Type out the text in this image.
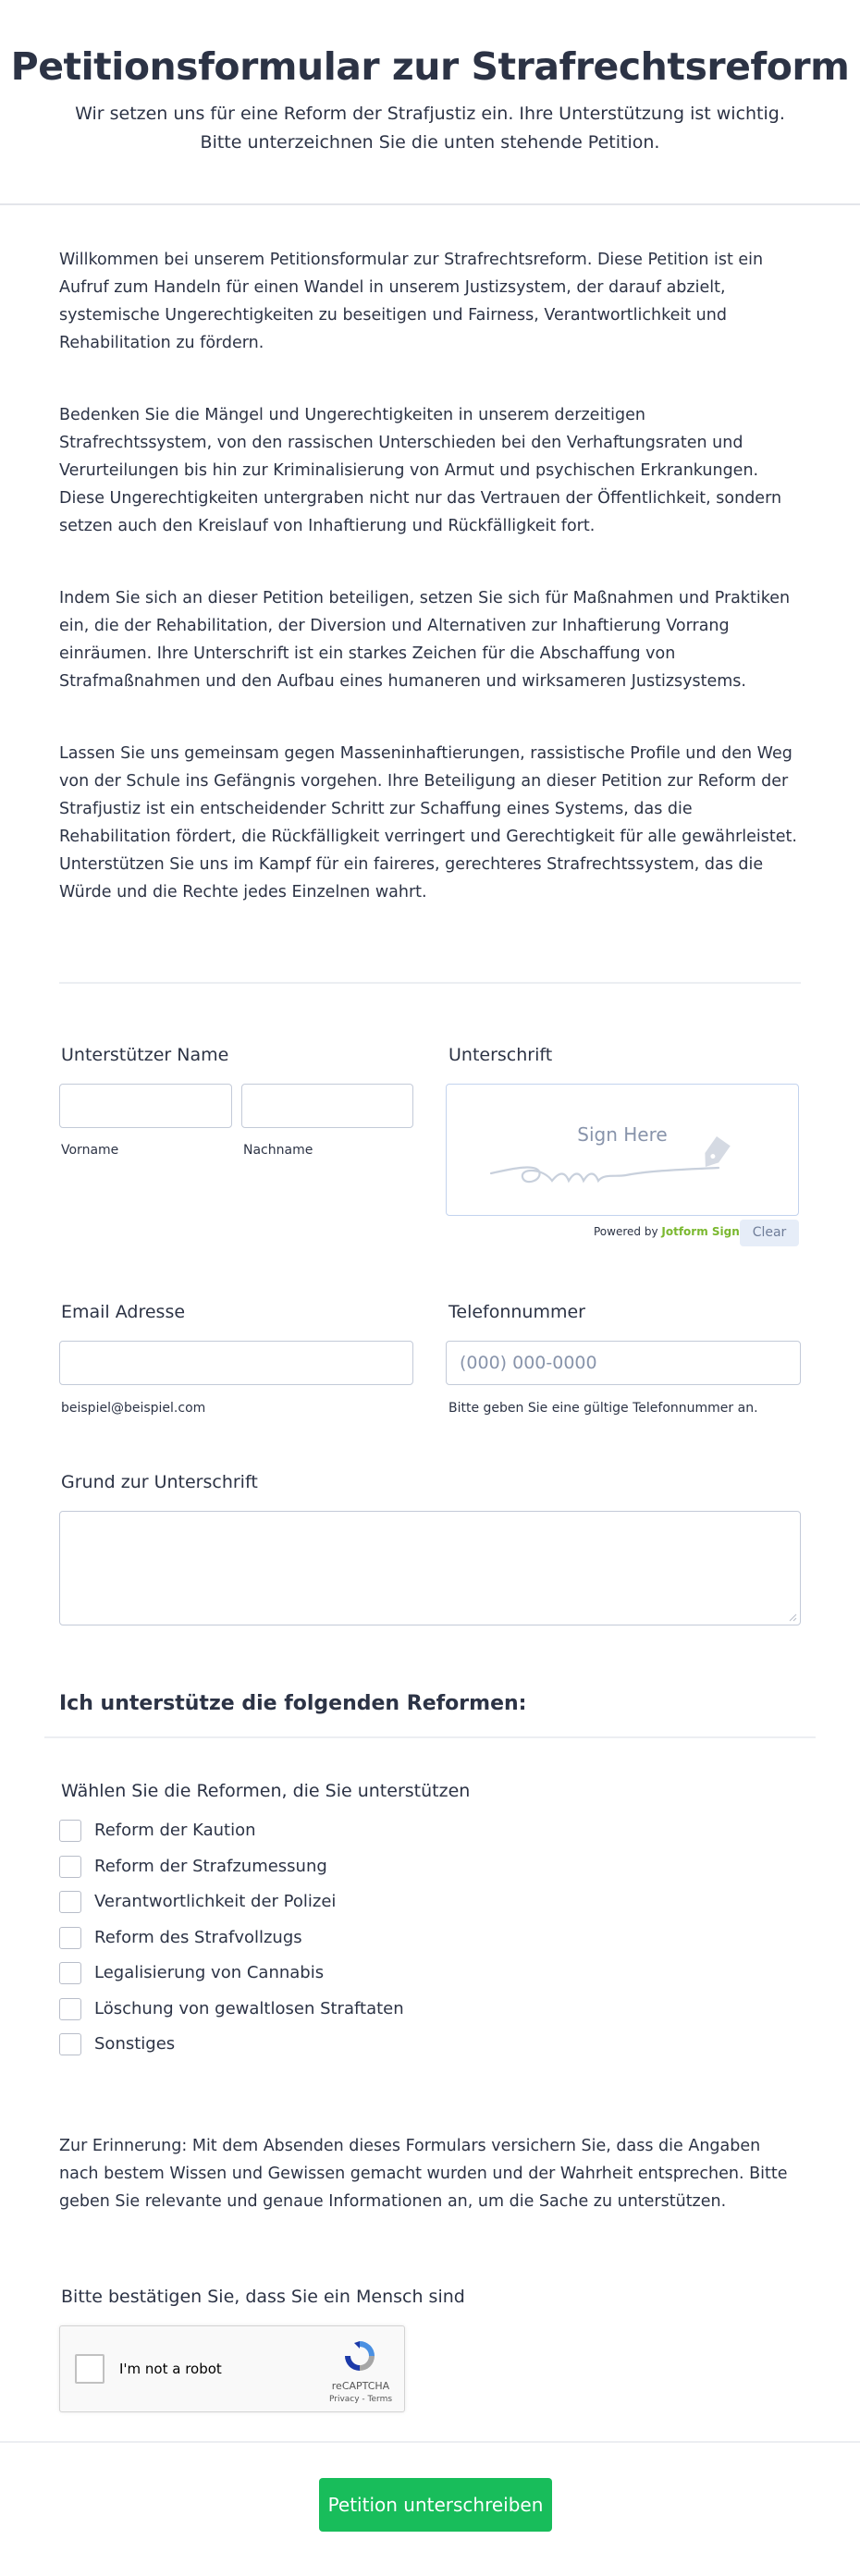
Petitionsformular zur Strafrechtsreform
Wir setzen uns für eine Reform der Strafjustiz ein. Ihre Unterstützung ist wichtig. Bitte unterzeichnen Sie die unten stehende Petition.
Willkommen bei unserem Petitionsformular zur Strafrechtsreform. Diese Petition ist ein Aufruf zum Handeln für einen Wandel in unserem Justizsystem, der darauf abzielt, systemische Ungerechtigkeiten zu beseitigen und Fairness, Verantwortlichkeit und Rehabilitation zu fördern.
Bedenken Sie die Mängel und Ungerechtigkeiten in unserem derzeitigen Strafrechtssystem, von den rassischen Unterschieden bei den Verhaftungsraten und Verurteilungen bis hin zur Kriminalisierung von Armut und psychischen Erkrankungen. Diese Ungerechtigkeiten untergraben nicht nur das Vertrauen der Öffentlichkeit, sondern setzen auch den Kreislauf von Inhaftierung und Rückfälligkeit fort.
Indem Sie sich an dieser Petition beteiligen, setzen Sie sich für Maßnahmen und Praktiken ein, die der Rehabilitation, der Diversion und Alternativen zur Inhaftierung Vorrang einräumen. Ihre Unterschrift ist ein starkes Zeichen für die Abschaffung von Strafmaßnahmen und den Aufbau eines humaneren und wirksameren Justizsystems.
Lassen Sie uns gemeinsam gegen Masseninhaftierungen, rassistische Profile und den Weg von der Schule ins Gefängnis vorgehen. Ihre Beteiligung an dieser Petition zur Reform der Strafjustiz ist ein entscheidender Schritt zur Schaffung eines Systems, das die Rehabilitation fördert, die Rückfälligkeit verringert und Gerechtigkeit für alle gewährleistet. Unterstützen Sie uns im Kampf für ein faireres, gerechteres Strafrechtssystem, das die Würde und die Rechte jedes Einzelnen wahrt.
Unterstützer Name
Vorname	Nachname
Unterschrift
Sign Here
Powered by Jotform Sign Clear
Email Adresse
beispiel@beispiel.com
Telefonnummer
(000) 000-0000
Bitte geben Sie eine gültige Telefonnummer an.
Grund zur Unterschrift
Ich unterstütze die folgenden Reformen:
Wählen Sie die Reformen, die Sie unterstützen
Reform der Kaution
Reform der Strafzumessung
Verantwortlichkeit der Polizei
Reform des Strafvollzugs
Legalisierung von Cannabis
Löschung von gewaltlosen Straftaten
Sonstiges
Zur Erinnerung: Mit dem Absenden dieses Formulars versichern Sie, dass die Angaben nach bestem Wissen und Gewissen gemacht wurden und der Wahrheit entsprechen. Bitte geben Sie relevante und genaue Informationen an, um die Sache zu unterstützen.
Bitte bestätigen Sie, dass Sie ein Mensch sind
I'm not a robot
reCAPTCHA
Privacy - Terms
Petition unterschreiben
